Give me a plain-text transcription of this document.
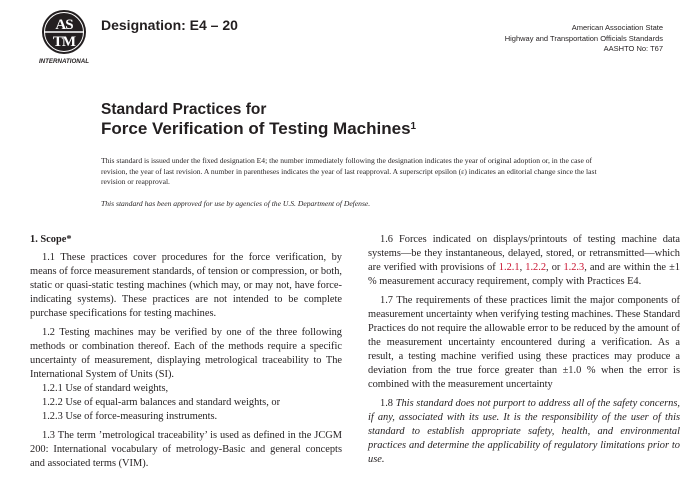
AS
TM
INTERNATIONAL
Designation: E4 – 20	American Association State
Highway and Transportation Officials Standards
AASHTO No: T67
Standard Practices for
Force Verification of Testing Machines$^1$

This standard is issued under the fixed designation E4; the number immediately following the designation indicates the year of original adoption or, in the case of revision, the year of last revision. A number in parentheses indicates the year of last reapproval. A superscript epsilon (ε) indicates an editorial change since the last revision or reapproval.

This standard has been approved for use by agencies of the U.S. Department of Defense.

1. Scope*

1.1 These practices cover procedures for the force verification, by means of force measurement standards, of tension or compression, or both, static or quasi-static testing machines (which may, or may not, have force-indicating systems). These practices are not intended to be complete purchase specifications for testing machines.

1.2 Testing machines may be verified by one of the three following methods or combination thereof. Each of the methods require a specific uncertainty of measurement, displaying metrological traceability to The International System of Units (SI).

1.2.1 Use of standard weights,

1.2.2 Use of equal-arm balances and standard weights, or

1.2.3 Use of force-measuring instruments.

1.3 The term ’metrological traceability’ is used as defined in the JCGM 200: International vocabulary of metrology-Basic and general concepts and associated terms (VIM).

1.6 Forces indicated on displays/printouts of testing machine data systems—be they instantaneous, delayed, stored, or retransmitted—which are verified with provisions of 1.2.1, 1.2.2, or 1.2.3, and are within the ±1 % measurement accuracy requirement, comply with Practices E4.

1.7 The requirements of these practices limit the major components of measurement uncertainty when verifying testing machines. These Standard Practices do not require the allowable error to be reduced by the amount of the measurement uncertainty encountered during a verification. As a result, a testing machine verified using these practices may produce a deviation from the true force greater than ±1.0 % when the error is combined with the measurement uncertainty

1.8 This standard does not purport to address all of the safety concerns, if any, associated with its use. It is the responsibility of the user of this standard to establish appropriate safety, health, and environmental practices and determine the applicability of regulatory limitations prior to use.
